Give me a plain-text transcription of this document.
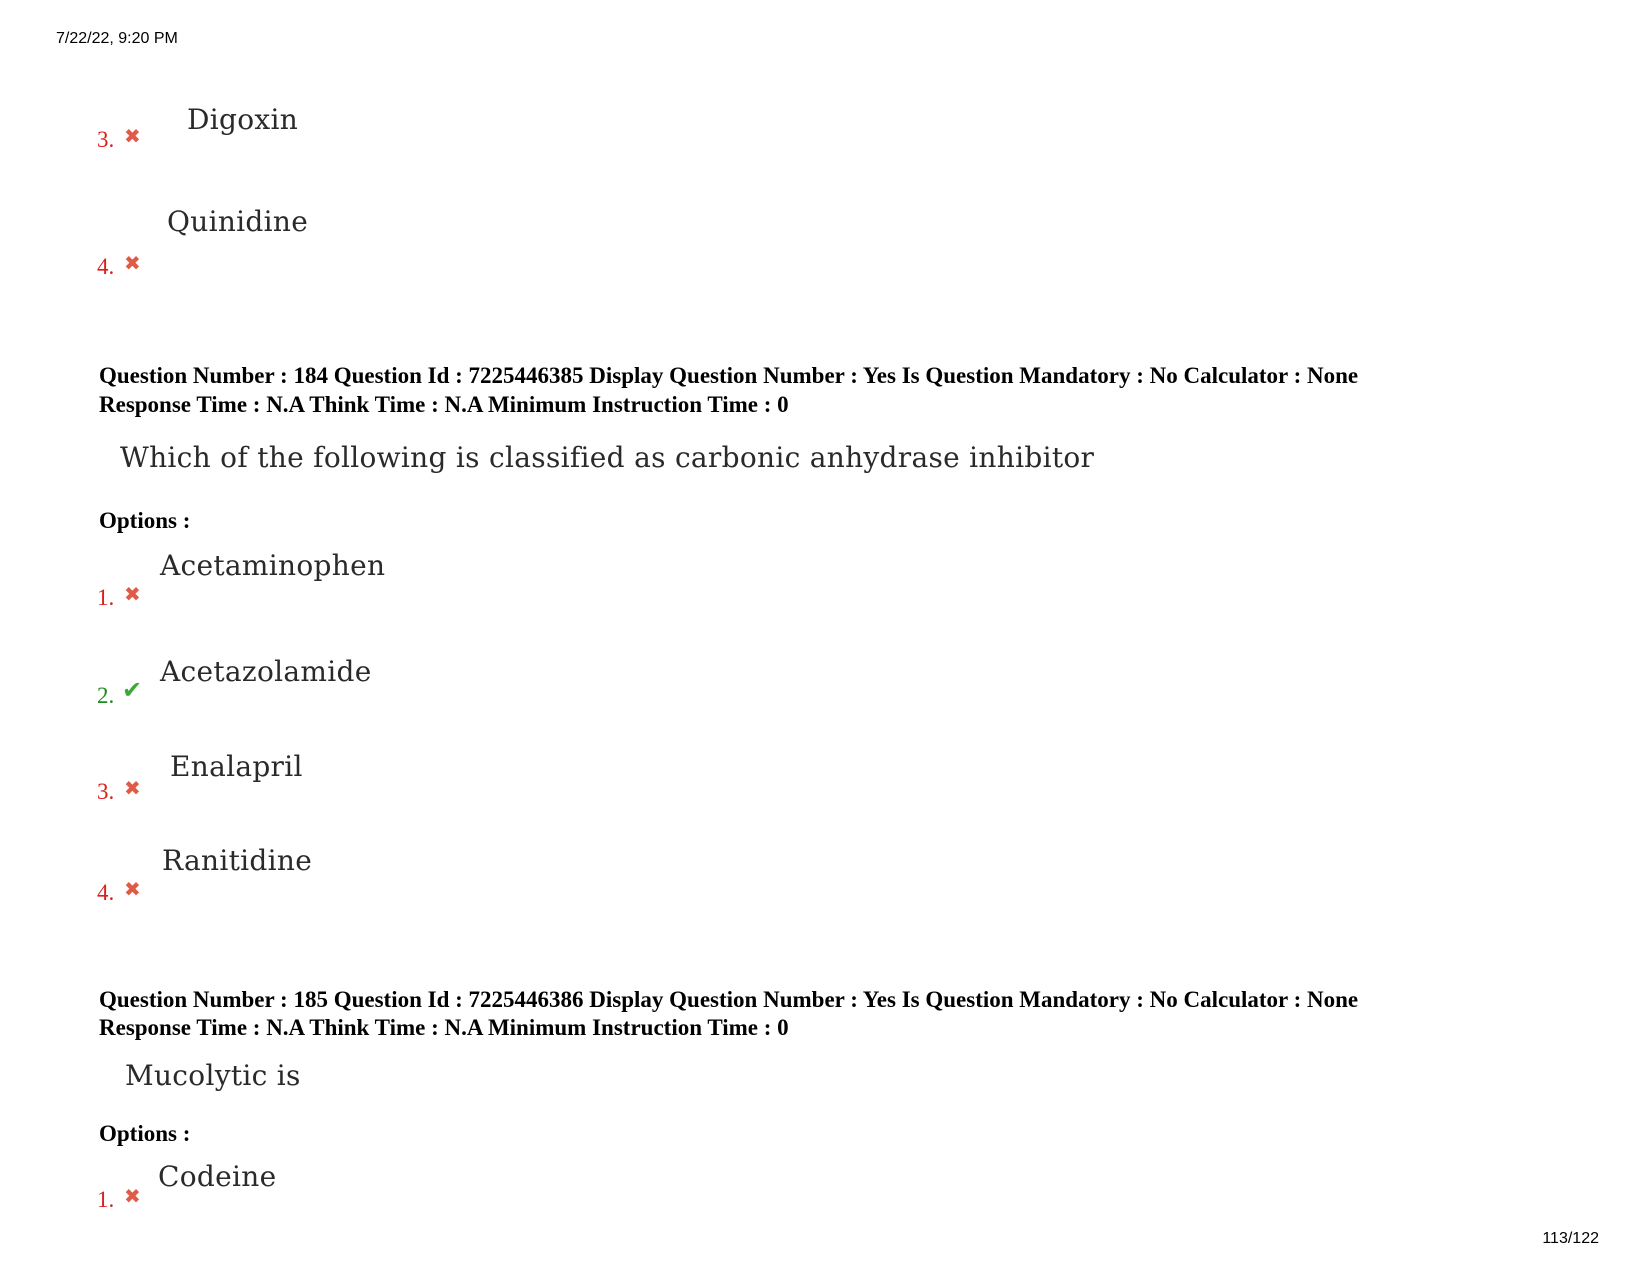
7/22/22, 9:20 PM
3. ✖ Digoxin
4. ✖
Quinidine
Question Number : 184 Question Id : 7225446385 Display Question Number : Yes Is Question Mandatory : No Calculator : None
Response Time : N.A Think Time : N.A Minimum Instruction Time : 0
Which of the following is classified as carbonic anhydrase inhibitor
Options :
1. ✖
Acetaminophen
2. ✔
Acetazolamide
3. ✖
Enalapril
4. ✖
Ranitidine
Question Number : 185 Question Id : 7225446386 Display Question Number : Yes Is Question Mandatory : No Calculator : None
Response Time : N.A Think Time : N.A Minimum Instruction Time : 0
Mucolytic is
Options :
1. ✖
Codeine
113/122
